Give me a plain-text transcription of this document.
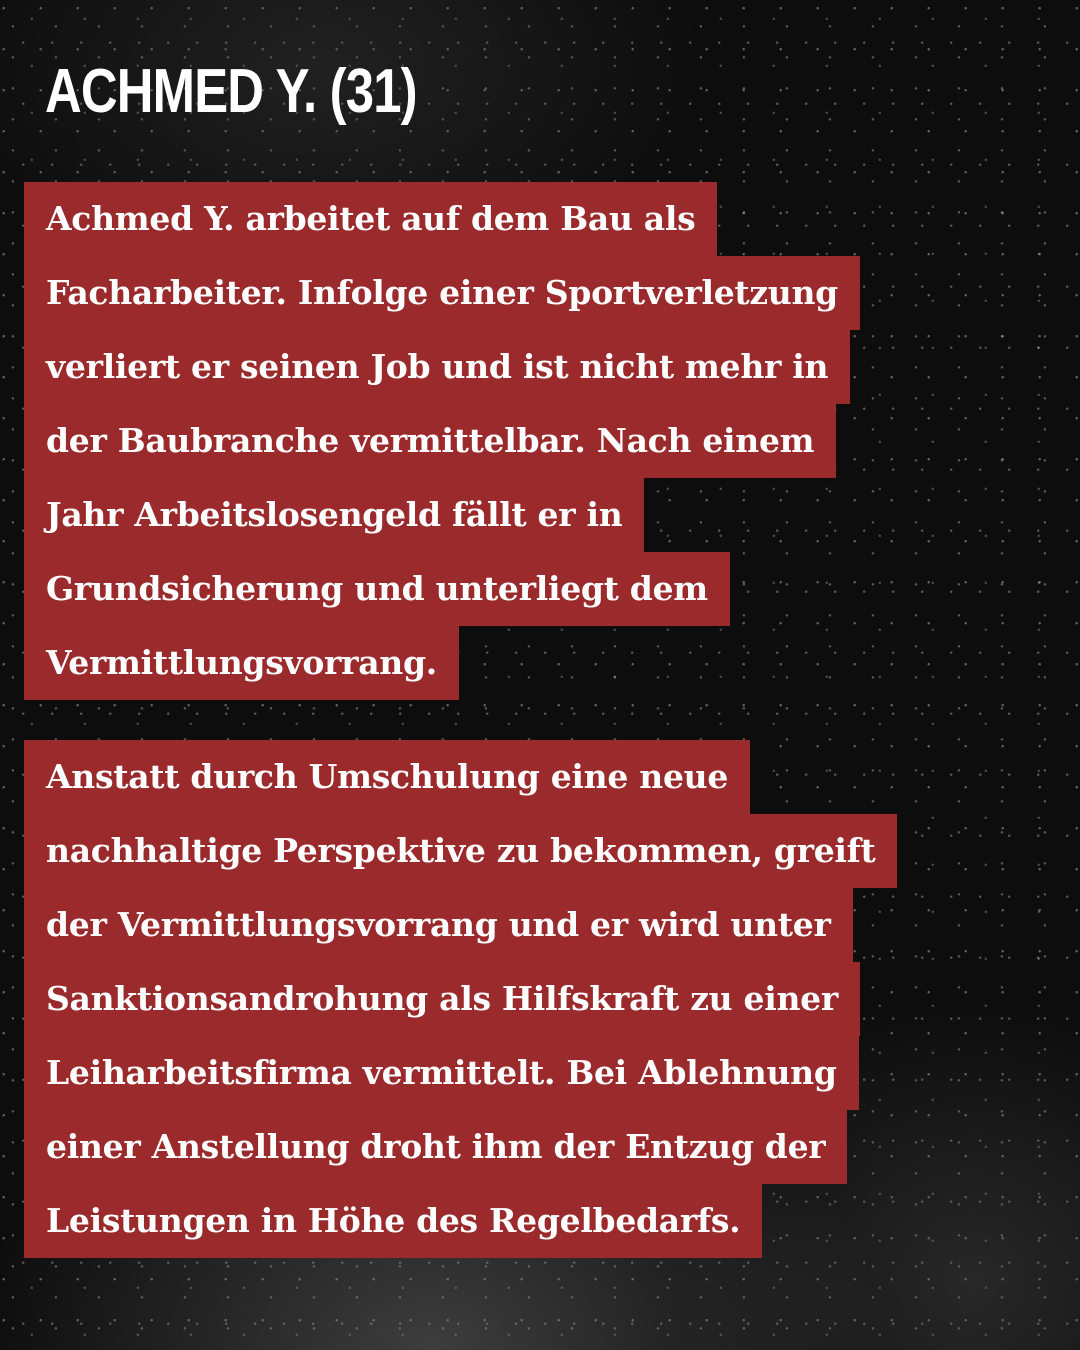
ACHMED Y. (31)
Achmed Y. arbeitet auf dem Bau als
Facharbeiter. Infolge einer Sportverletzung
verliert er seinen Job und ist nicht mehr in
der Baubranche vermittelbar. Nach einem
Jahr Arbeitslosengeld fällt er in
Grundsicherung und unterliegt dem
Vermittlungsvorrang.
Anstatt durch Umschulung eine neue
nachhaltige Perspektive zu bekommen, greift
der Vermittlungsvorrang und er wird unter
Sanktionsandrohung als Hilfskraft zu einer
Leiharbeitsfirma vermittelt. Bei Ablehnung
einer Anstellung droht ihm der Entzug der
Leistungen in Höhe des Regelbedarfs.
